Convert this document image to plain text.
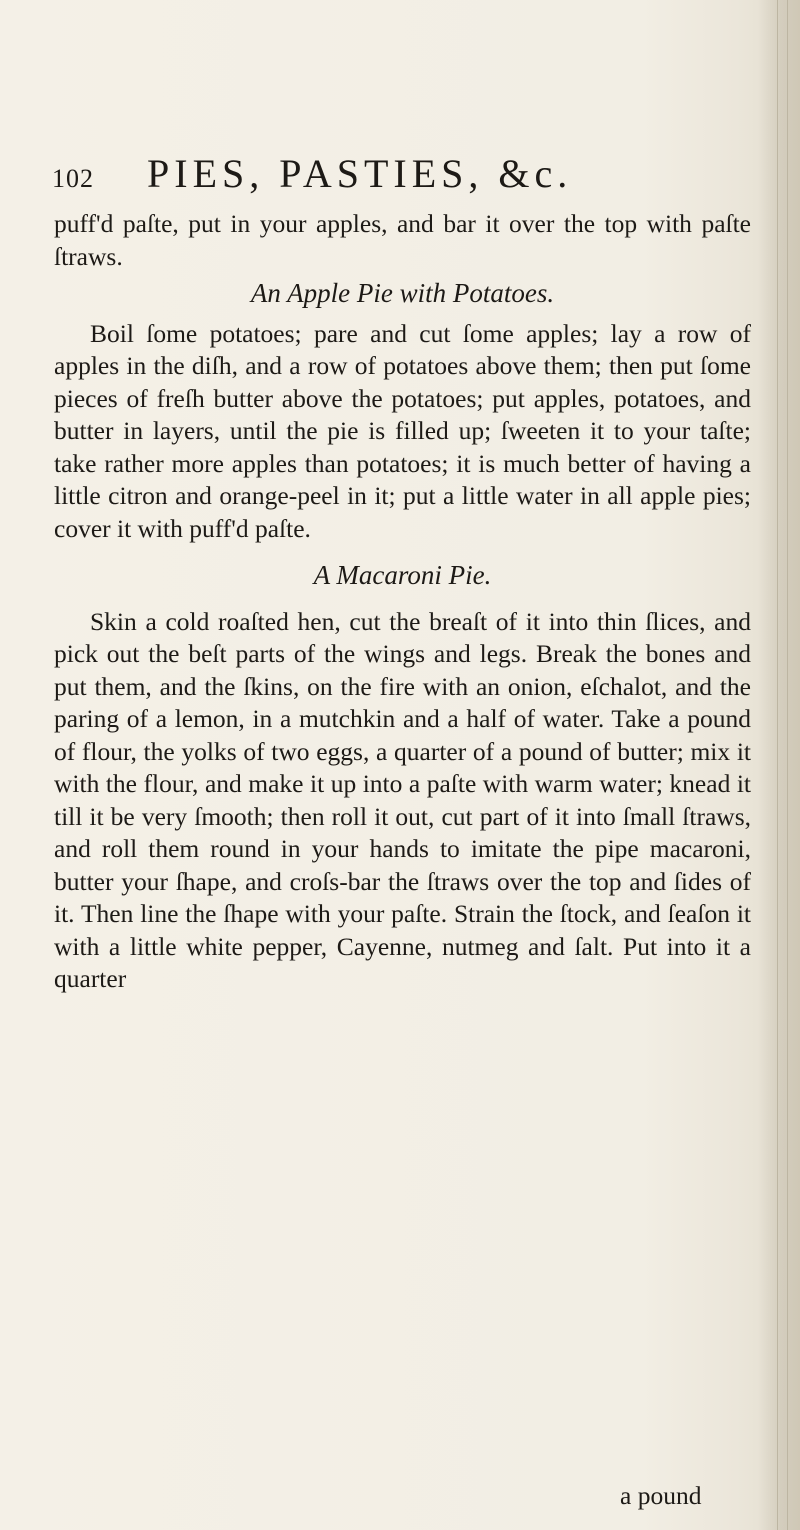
102 PIES, PASTIES, &c.

puff'd paſte, put in your apples, and bar it over the top with paſte ſtraws.

An Apple Pie with Potatoes.

Boil ſome potatoes; pare and cut ſome apples; lay a row of apples in the diſh, and a row of potatoes above them; then put ſome pieces of freſh butter above the potatoes; put apples, potatoes, and butter in layers, until the pie is filled up; ſweeten it to your taſte; take rather more apples than potatoes; it is much better of having a little citron and orange-peel in it; put a little water in all apple pies; cover it with puff'd paſte.

A Macaroni Pie.

Skin a cold roaſted hen, cut the breaſt of it into thin ſlices, and pick out the beſt parts of the wings and legs. Break the bones and put them, and the ſkins, on the fire with an onion, eſchalot, and the paring of a lemon, in a mutchkin and a half of water. Take a pound of flour, the yolks of two eggs, a quarter of a pound of butter; mix it with the flour, and make it up into a paſte with warm water; knead it till it be very ſmooth; then roll it out, cut part of it into ſmall ſtraws, and roll them round in your hands to imitate the pipe macaroni, butter your ſhape, and croſs-bar the ſtraws over the top and ſides of it. Then line the ſhape with your paſte. Strain the ſtock, and ſeaſon it with a little white pepper, Cayenne, nutmeg and ſalt. Put into it a quarter

a pound
